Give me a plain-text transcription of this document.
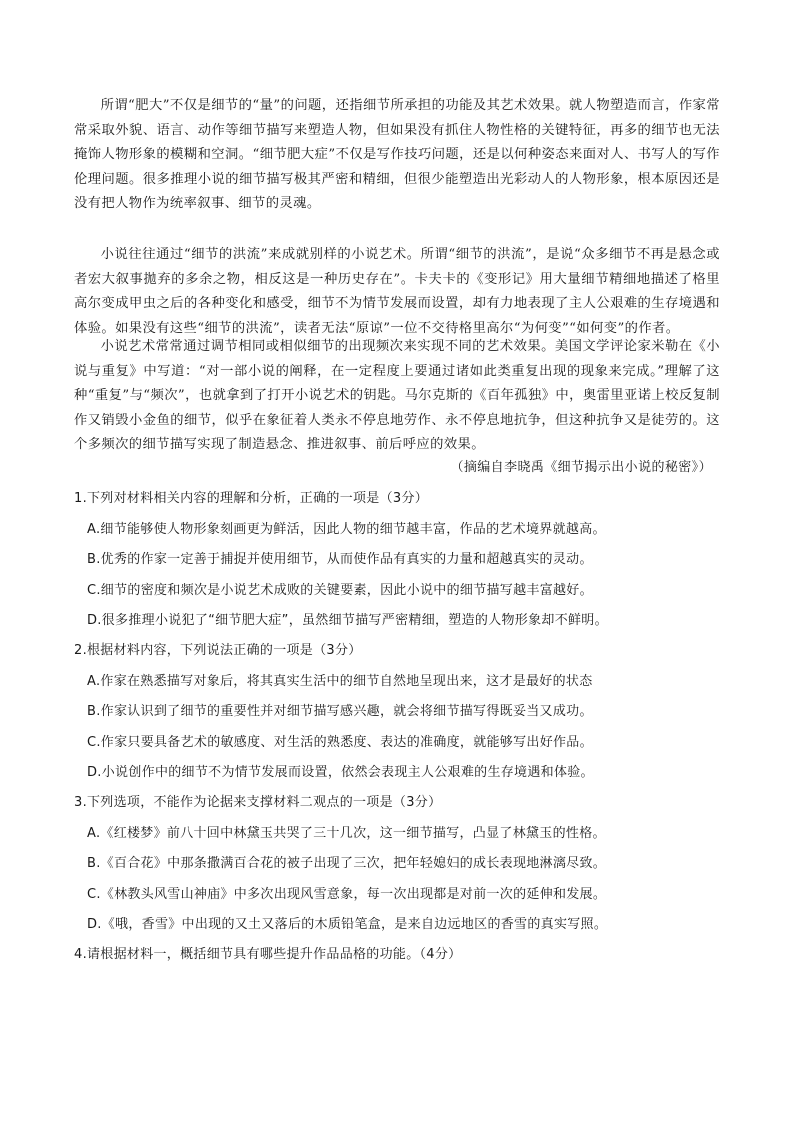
所谓“肥大”不仅是细节的“量”的问题，还指细节所承担的功能及其艺术效果。就人物塑造而言，作家常常采取外貌、语言、动作等细节描写来塑造人物，但如果没有抓住人物性格的关键特征，再多的细节也无法掩饰人物形象的模糊和空洞。“细节肥大症”不仅是写作技巧问题，还是以何种姿态来面对人、书写人的写作伦理问题。很多推理小说的细节描写极其严密和精细，但很少能塑造出光彩动人的人物形象，根本原因还是没有把人物作为统率叙事、细节的灵魂。
小说往往通过“细节的洪流”来成就别样的小说艺术。所谓“细节的洪流”，是说“众多细节不再是悬念或者宏大叙事拋弃的多余之物，相反这是一种历史存在”。卡夫卡的《变形记》用大量细节精细地描述了格里高尔变成甲虫之后的各种变化和感受，细节不为情节发展而设置，却有力地表现了主人公艰难的生存境遇和体验。如果没有这些“细节的洪流”，读者无法“原谅”一位不交待格里高尔“为何变”“如何变”的作者。
小说艺术常常通过调节相同或相似细节的出现频次来实现不同的艺术效果。美国文学评论家米勒在《小说与重复》中写道：“对一部小说的阐释，在一定程度上要通过诸如此类重复出现的现象来完成。”理解了这种“重复”与“频次”，也就拿到了打开小说艺术的钥匙。马尔克斯的《百年孤独》中，奥雷里亚诺上校反复制作又销毁小金鱼的细节，似乎在象征着人类永不停息地劳作、永不停息地抗争，但这种抗争又是徒劳的。这个多频次的细节描写实现了制造悬念、推进叙事、前后呼应的效果。
（摘编自李晓禹《细节揭示出小说的秘密》）
1.下列对材料相关内容的理解和分析，正确的一项是（3分）
A.细节能够使人物形象刻画更为鲜活，因此人物的细节越丰富，作品的艺术境界就越高。
B.优秀的作家一定善于捕捉并使用细节，从而使作品有真实的力量和超越真实的灵动。
C.细节的密度和频次是小说艺术成败的关键要素，因此小说中的细节描写越丰富越好。
D.很多推理小说犯了“细节肥大症”，虽然细节描写严密精细，塑造的人物形象却不鲜明。
2.根据材料内容，下列说法正确的一项是（3分）
A.作家在熟悉描写对象后，将其真实生活中的细节自然地呈现出来，这才是最好的状态
B.作家认识到了细节的重要性并对细节描写感兴趣，就会将细节描写得既妥当又成功。
C.作家只要具备艺术的敏感度、对生活的熟悉度、表达的准确度，就能够写出好作品。
D.小说创作中的细节不为情节发展而设置，依然会表现主人公艰难的生存境遇和体验。
3.下列选项，不能作为论据来支撑材料二观点的一项是（3分）
A.《红楼梦》前八十回中林黛玉共哭了三十几次，这一细节描写，凸显了林黛玉的性格。
B.《百合花》中那条撒满百合花的被子出现了三次，把年轻媳妇的成长表现地淋漓尽致。
C.《林教头风雪山神庙》中多次出现风雪意象，每一次出现都是对前一次的延伸和发展。
D.《哦，香雪》中出现的又土又落后的木质铅笔盒，是来自边远地区的香雪的真实写照。
4.请根据材料一，概括细节具有哪些提升作品品格的功能。（4分）
